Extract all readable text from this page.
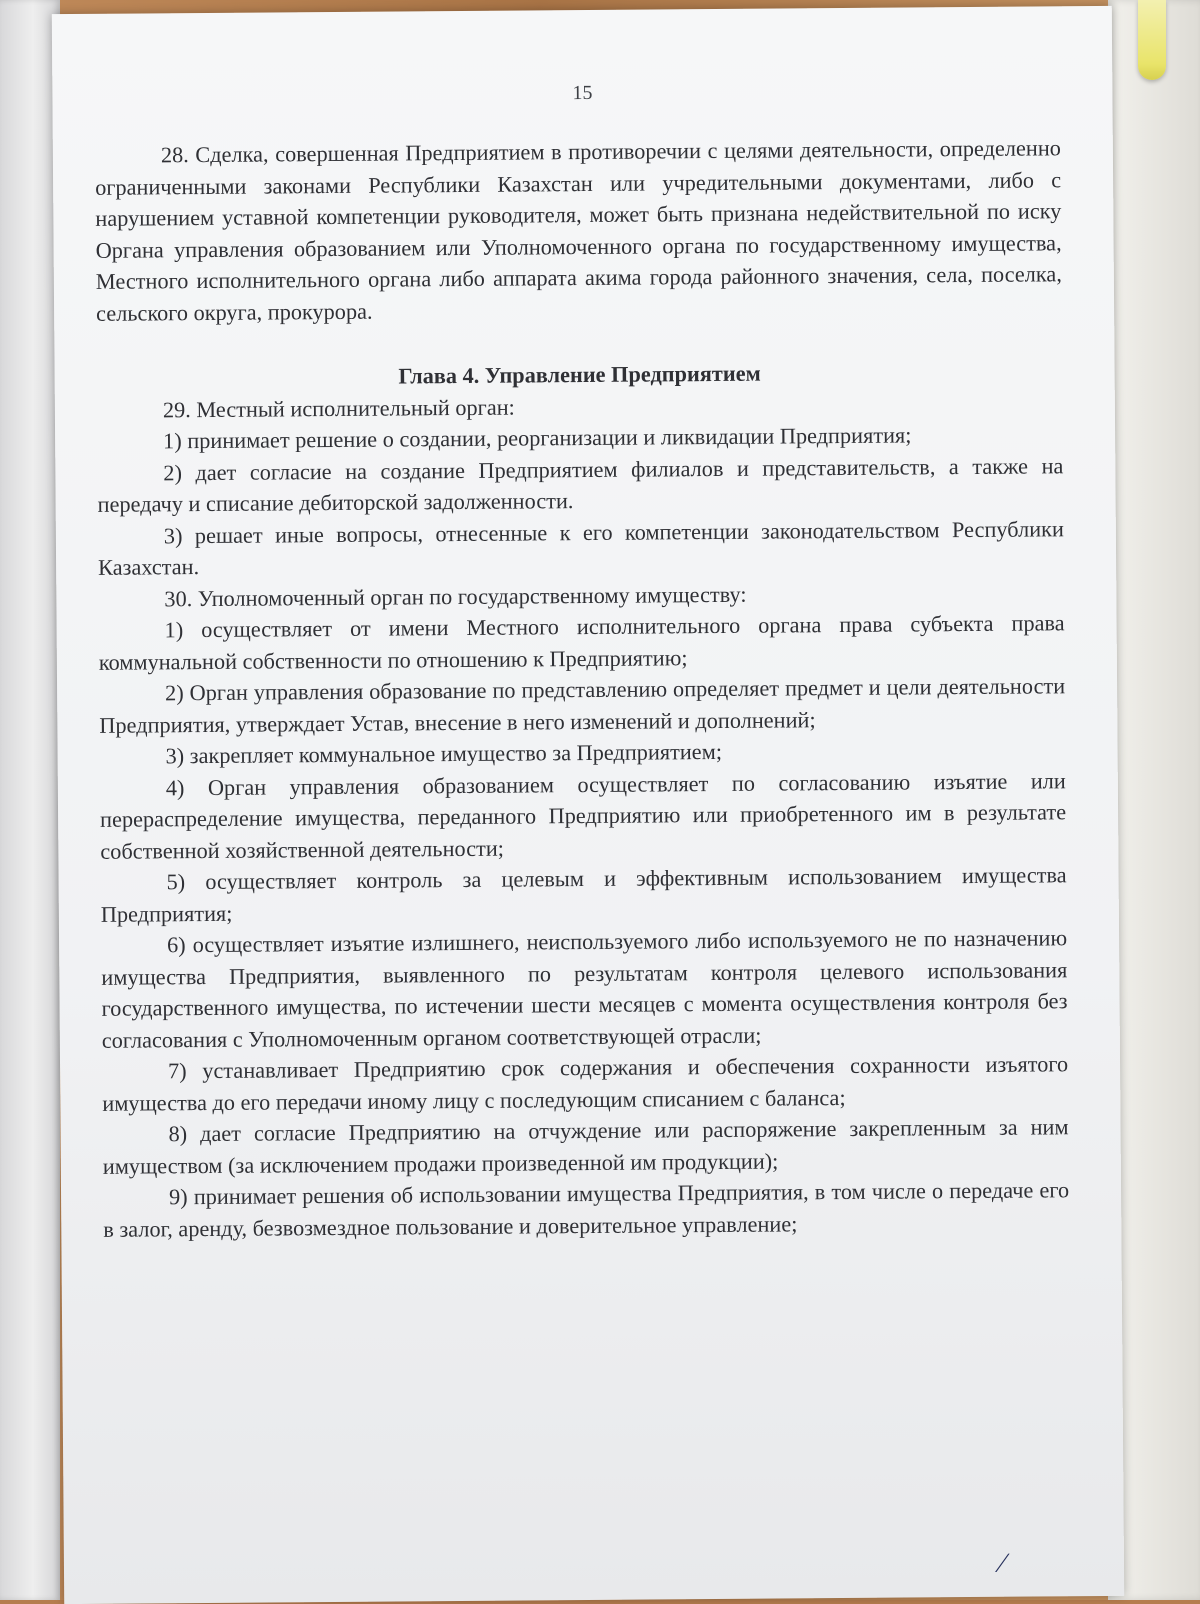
15

28. Сделка, совершенная Предприятием в противоречии с целями деятельности, определенно ограниченными законами Республики Казахстан или учредительными документами, либо с нарушением уставной компетенции руководителя, может быть признана недействительной по иску Органа управления образованием или Уполномоченного органа по государственному имущества, Местного исполнительного органа либо аппарата акима города районного значения, села, поселка, сельского округа, прокурора.

Глава 4. Управление Предприятием

29. Местный исполнительный орган:

1) принимает решение о создании, реорганизации и ликвидации Предприятия;

2) дает согласие на создание Предприятием филиалов и представительств, а также на передачу и списание дебиторской задолженности.

3) решает иные вопросы, отнесенные к его компетенции законодательством Республики Казахстан.

30. Уполномоченный орган по государственному имуществу:

1) осуществляет от имени Местного исполнительного органа права субъекта права коммунальной собственности по отношению к Предприятию;

2) Орган управления образование по представлению определяет предмет и цели деятельности Предприятия, утверждает Устав, внесение в него изменений и дополнений;

3) закрепляет коммунальное имущество за Предприятием;

4) Орган управления образованием осуществляет по согласованию изъятие или перераспределение имущества, переданного Предприятию или приобретенного им в результате собственной хозяйственной деятельности;

5) осуществляет контроль за целевым и эффективным использованием имущества Предприятия;

6) осуществляет изъятие излишнего, неиспользуемого либо используемого не по назначению имущества Предприятия, выявленного по результатам контроля целевого использования государственного имущества, по истечении шести месяцев с момента осуществления контроля без согласования с Уполномоченным органом соответствующей отрасли;

7) устанавливает Предприятию срок содержания и обеспечения сохранности изъятого имущества до его передачи иному лицу с последующим списанием с баланса;

8) дает согласие Предприятию на отчуждение или распоряжение закрепленным за ним имуществом (за исключением продажи произведенной им продукции);

9) принимает решения об использовании имущества Предприятия, в том числе о передаче его в залог, аренду, безвозмездное пользование и доверительное управление;

∕
